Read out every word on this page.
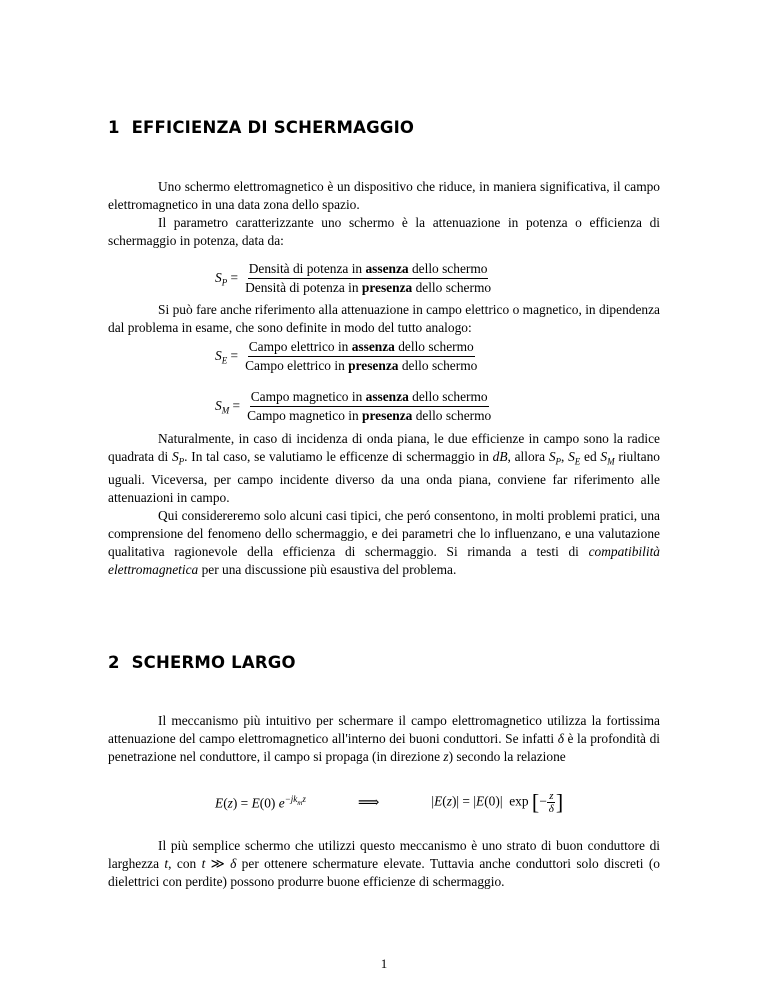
1 EFFICIENZA DI SCHERMAGGIO

Uno schermo elettromagnetico è un dispositivo che riduce, in maniera significativa, il campo elettromagnetico in una data zona dello spazio.
Il parametro caratterizzante uno schermo è la attenuazione in potenza o efficienza di schermaggio in potenza, data da:

$S_P = \frac{\text{Densità di potenza in assenza dello schermo}}{\text{Densità di potenza in presenza dello schermo}}$

Si può fare anche riferimento alla attenuazione in campo elettrico o magnetico, in dipendenza dal problema in esame, che sono definite in modo del tutto analogo:

$S_E = \frac{\text{Campo elettrico in assenza dello schermo}}{\text{Campo elettrico in presenza dello schermo}}$
$S_M = \frac{\text{Campo magnetico in assenza dello schermo}}{\text{Campo magnetico in presenza dello schermo}}$

Naturalmente, in caso di incidenza di onda piana, le due efficienze in campo sono la radice quadrata di $S_P$. In tal caso, se valutiamo le efficenze di schermaggio in dB, allora $S_P$, $S_E$ ed $S_M$ riultano uguali. Viceversa, per campo incidente diverso da una onda piana, conviene far riferimento alle attenuazioni in campo.
Qui considereremo solo alcuni casi tipici, che peró consentono, in molti problemi pratici, una comprensione del fenomeno dello schermaggio, e dei parametri che lo influenzano, e una valutazione qualitativa ragionevole della efficienza di schermaggio. Si rimanda a testi di compatibilità elettromagnetica per una discussione più esaustiva del problema.

2 SCHERMO LARGO

Il meccanismo più intuitivo per schermare il campo elettromagnetico utilizza la fortissima attenuazione del campo elettromagnetico all'interno dei buoni conduttori. Se infatti δ è la profondità di penetrazione nel conduttore, il campo si propaga (in direzione z) secondo la relazione

E(z) = E(0) $e^{-jk_mz}$	⟹	|E(z)| = |E(0)|  exp [− $\frac{z}{\delta}$ ]

Il più semplice schermo che utilizzi questo meccanismo è uno strato di buon conduttore di larghezza t, con t ≫ δ per ottenere schermature elevate. Tuttavia anche conduttori solo discreti (o dielettrici con perdite) possono produrre buone efficienze di schermaggio.

1
